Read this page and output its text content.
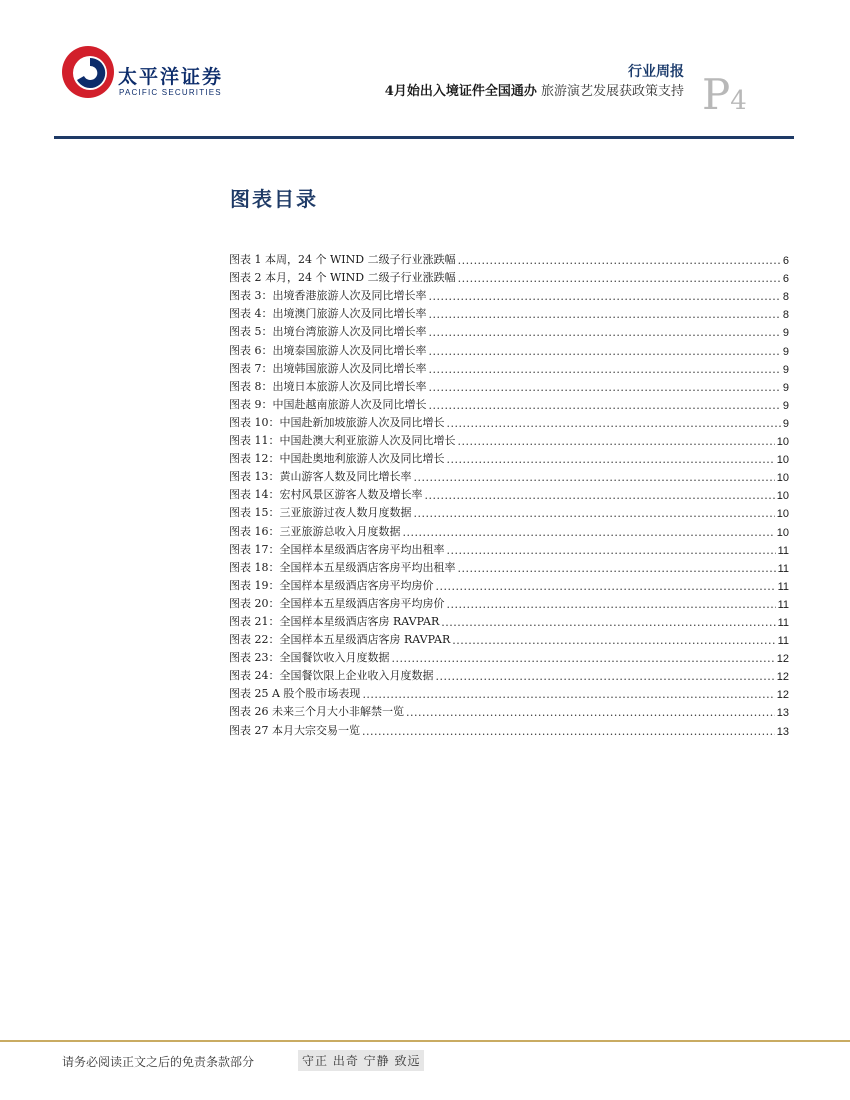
太平洋证券
PACIFIC SECURITIES
行业周报
4月始出入境证件全国通办 旅游演艺发展获政策支持 P4
图表目录
图表 1 本周，24 个 WIND 二级子行业涨跌幅 .....	6
图表 2 本月，24 个 WIND 二级子行业涨跌幅 .....	6
图表 3：出境香港旅游人次及同比增长率 .....	8
图表 4：出境澳门旅游人次及同比增长率 .....	8
图表 5：出境台湾旅游人次及同比增长率 .....	9
图表 6：出境泰国旅游人次及同比增长率 .....	9
图表 7：出境韩国旅游人次及同比增长率 .....	9
图表 8：出境日本旅游人次及同比增长率 .....	9
图表 9：中国赴越南旅游人次及同比增长 .....	9
图表 10：中国赴新加坡旅游人次及同比增长 .....	9
图表 11：中国赴澳大利亚旅游人次及同比增长 .....	10
图表 12：中国赴奥地利旅游人次及同比增长 .....	10
图表 13：黄山游客人数及同比增长率 .....	10
图表 14：宏村风景区游客人数及增长率 .....	10
图表 15：三亚旅游过夜人数月度数据 .....	10
图表 16：三亚旅游总收入月度数据 .....	10
图表 17：全国样本星级酒店客房平均出租率 .....	11
图表 18：全国样本五星级酒店客房平均出租率 .....	11
图表 19：全国样本星级酒店客房平均房价 .....	11
图表 20：全国样本五星级酒店客房平均房价 .....	11
图表 21：全国样本星级酒店客房 RAVPAR .....	11
图表 22：全国样本五星级酒店客房 RAVPAR .....	11
图表 23：全国餐饮收入月度数据 .....	12
图表 24：全国餐饮限上企业收入月度数据 .....	12
图表 25 A 股个股市场表现 .....	12
图表 26 未来三个月大小非解禁一览 .....	13
图表 27 本月大宗交易一览 .....	13
请务必阅读正文之后的免责条款部分	守正 出奇 宁静 致远
